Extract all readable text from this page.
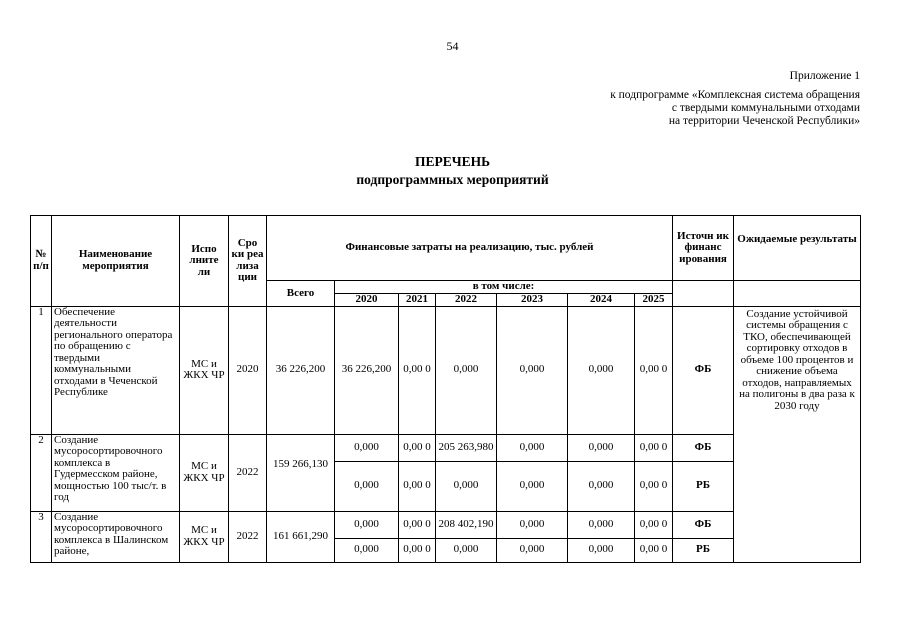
54
Приложение 1
к подпрограмме «Комплексная система обращения
с твердыми коммунальными отходами
на территории Чеченской Республики»
ПЕРЕЧЕНЬ
подпрограммных мероприятий
№ п/п	Наименование мероприятия	Испо лните ли	Сро ки реа лиза ции	Финансовые затраты на реализацию, тыс. рублей							Источн ик финанс ирования	Ожидаемые результаты
				Всего	в том числе:							
					2020	2021	2022	2023	2024	2025		
1	Обеспечение деятельности регионального оператора по обращению с твердыми коммунальными отходами в Чеченской Республике	МС и ЖКХ ЧР	2020	36 226,200	36 226,200	0,00 0	0,000	0,000	0,000	0,00 0	ФБ	Создание устойчивой системы обращения с ТКО, обеспечивающей сортировку отходов в объеме 100 процентов и снижение объема отходов, направляемых на полигоны в два раза к 2030 году
2	Создание мусоросортировочного комплекса в Гудермесском районе, мощностью 100 тыс/т. в год	МС и ЖКХ ЧР	2022	159 266,130	0,000	0,00 0	205 263,980	0,000	0,000	0,00 0	ФБ	
					0,000	0,00 0	0,000	0,000	0,000	0,00 0	РБ	
3	Создание мусоросортировочного комплекса в Шалинском районе,	МС и ЖКХ ЧР	2022	161 661,290	0,000	0,00 0	208 402,190	0,000	0,000	0,00 0	ФБ	
					0,000	0,00 0	0,000	0,000	0,000	0,00 0	РБ	
